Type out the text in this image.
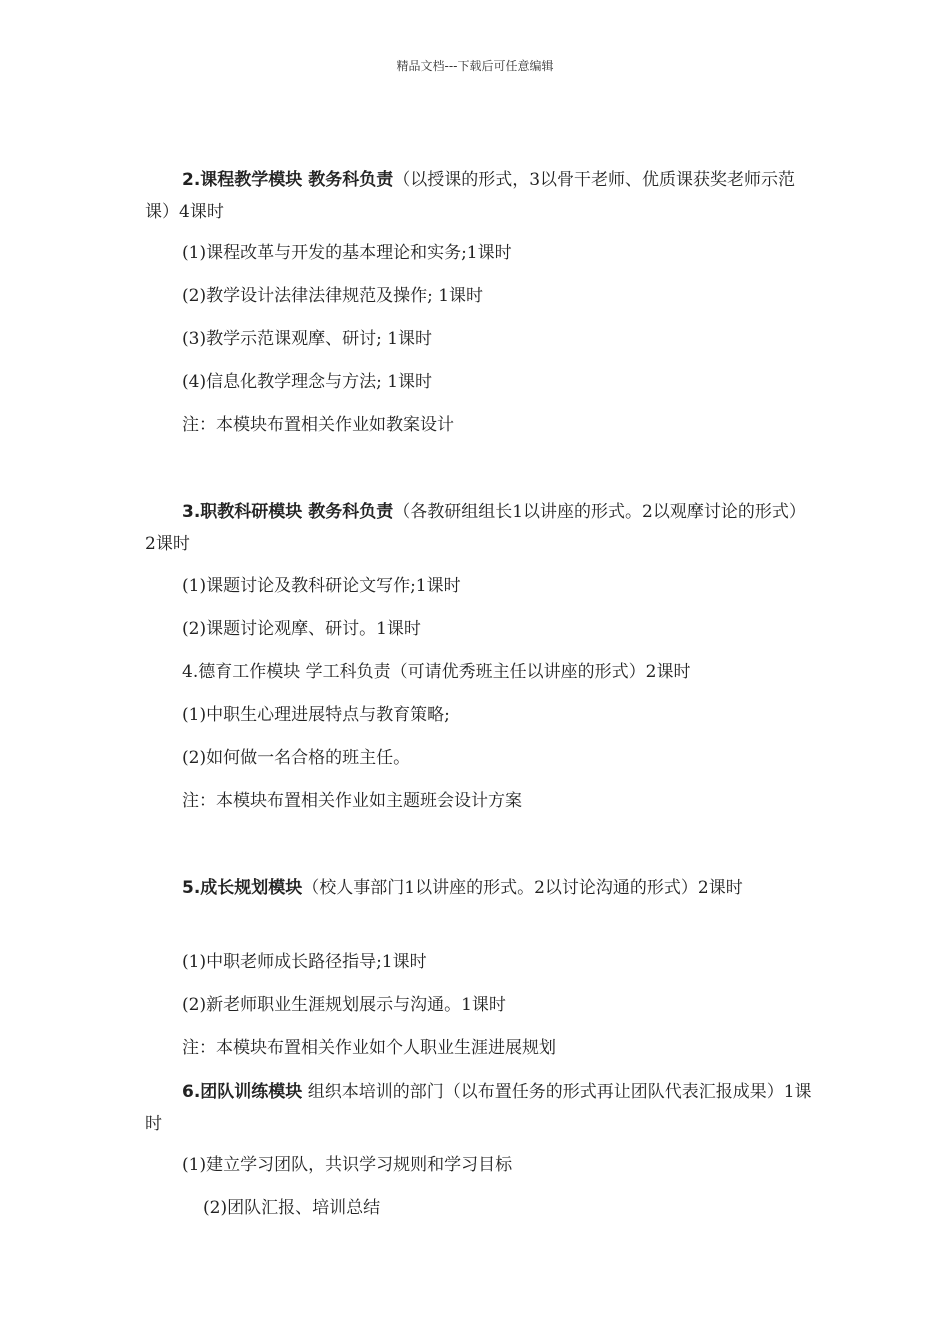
精品文档---下载后可任意编辑
2.课程教学模块 教务科负责（以授课的形式，3以骨干老师、优质课获奖老师示范课）4课时
(1)课程改革与开发的基本理论和实务;1课时
(2)教学设计法律法律规范及操作; 1课时
(3)教学示范课观摩、研讨; 1课时
(4)信息化教学理念与方法; 1课时
注：本模块布置相关作业如教案设计
3.职教科研模块 教务科负责（各教研组组长1以讲座的形式。2以观摩讨论的形式）2课时
(1)课题讨论及教科研论文写作;1课时
(2)课题讨论观摩、研讨。1课时
4.德育工作模块 学工科负责（可请优秀班主任以讲座的形式）2课时
(1)中职生心理进展特点与教育策略;
(2)如何做一名合格的班主任。
注：本模块布置相关作业如主题班会设计方案
5.成长规划模块（校人事部门1以讲座的形式。2以讨论沟通的形式）2课时
(1)中职老师成长路径指导;1课时
(2)新老师职业生涯规划展示与沟通。1课时
注：本模块布置相关作业如个人职业生涯进展规划
6.团队训练模块 组织本培训的部门（以布置任务的形式再让团队代表汇报成果）1课时
(1)建立学习团队，共识学习规则和学习目标
(2)团队汇报、培训总结
